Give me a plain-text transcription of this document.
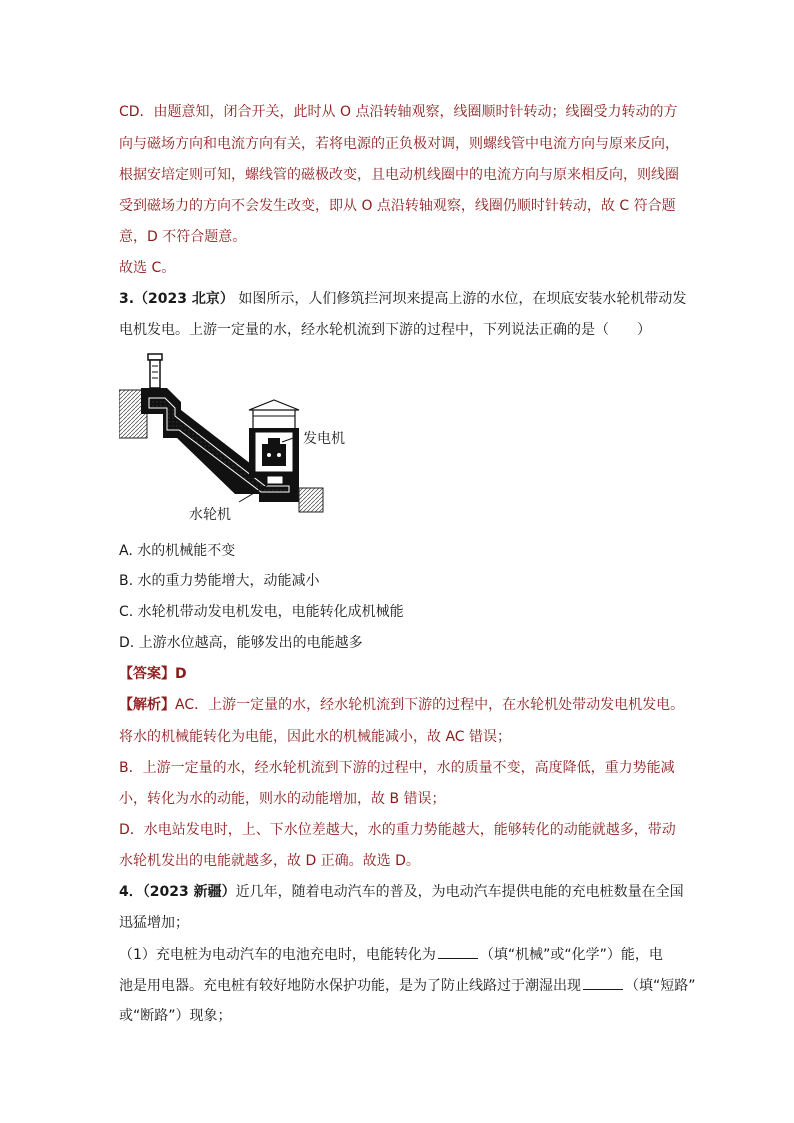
CD．由题意知，闭合开关，此时从 O 点沿转轴观察，线圈顺时针转动；线圈受力转动的方
向与磁场方向和电流方向有关，若将电源的正负极对调，则螺线管中电流方向与原来反向，
根据安培定则可知，螺线管的磁极改变，且电动机线圈中的电流方向与原来相反向，则线圈
受到磁场力的方向不会发生改变，即从 O 点沿转轴观察，线圈仍顺时针转动，故 C 符合题
意，D 不符合题意。
故选 C。
3.（2023 北京） 如图所示，人们修筑拦河坝来提高上游的水位，在坝底安装水轮机带动发
电机发电。上游一定量的水，经水轮机流到下游的过程中，下列说法正确的是（　　）
发电机
水轮机
A. 水的机械能不变
B. 水的重力势能增大，动能减小
C. 水轮机带动发电机发电，电能转化成机械能
D. 上游水位越高，能够发出的电能越多
【答案】D
【解析】AC．上游一定量的水，经水轮机流到下游的过程中，在水轮机处带动发电机发电。
将水的机械能转化为电能，因此水的机械能减小，故 AC 错误；
B．上游一定量的水，经水轮机流到下游的过程中，水的质量不变，高度降低，重力势能减
小，转化为水的动能，则水的动能增加，故 B 错误；
D．水电站发电时，上、下水位差越大，水的重力势能越大，能够转化的动能就越多，带动
水轮机发出的电能就越多，故 D 正确。故选 D。
4．（2023 新疆）近几年，随着电动汽车的普及，为电动汽车提供电能的充电桩数量在全国
迅猛增加；
（1）充电桩为电动汽车的电池充电时，电能转化为	（填“机械”或“化学”）能，电
池是用电器。充电桩有较好地防水保护功能，是为了防止线路过于潮湿出现	（填“短路”
或“断路”）现象；
